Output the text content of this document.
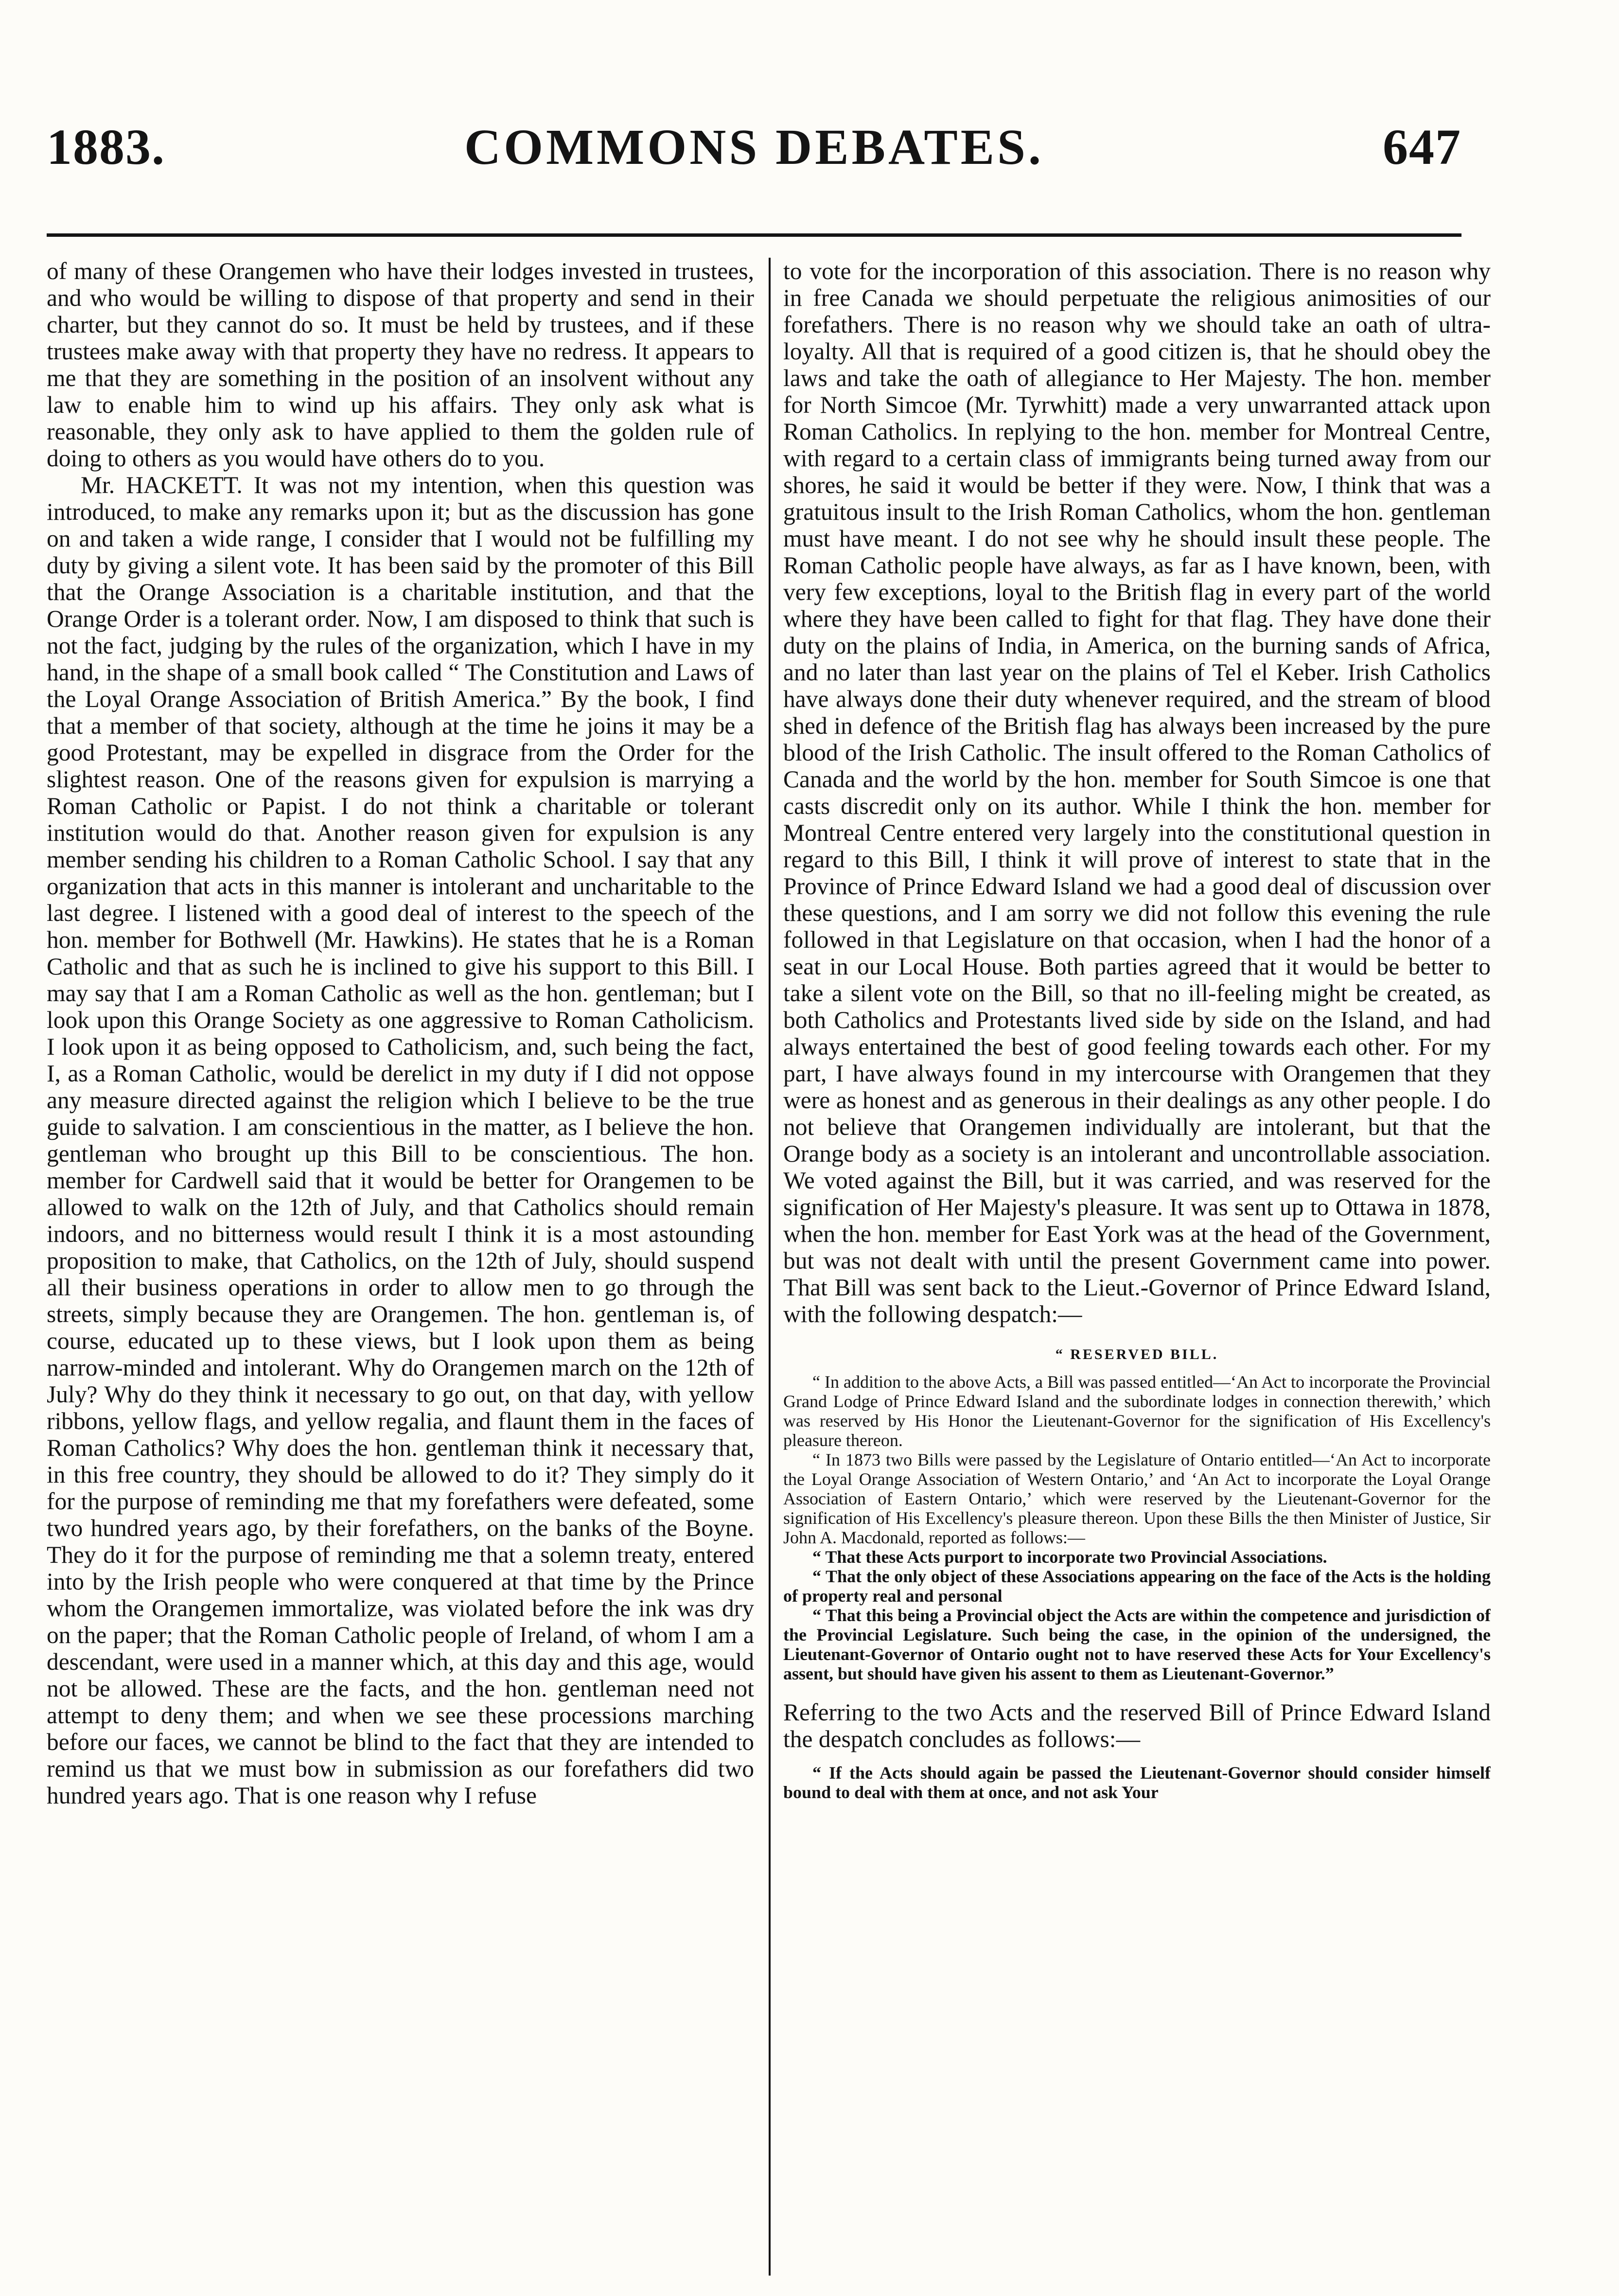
1883.	COMMONS DEBATES.	647

of many of these Orangemen who have their lodges invested in trustees, and who would be willing to dispose of that property and send in their charter, but they cannot do so. It must be held by trustees, and if these trustees make away with that property they have no redress. It appears to me that they are something in the position of an insolvent without any law to enable him to wind up his affairs. They only ask what is reasonable, they only ask to have applied to them the golden rule of doing to others as you would have others do to you.

Mr. HACKETT. It was not my intention, when this question was introduced, to make any remarks upon it; but as the discussion has gone on and taken a wide range, I consider that I would not be fulfilling my duty by giving a silent vote. It has been said by the promoter of this Bill that the Orange Association is a charitable institution, and that the Orange Order is a tolerant order. Now, I am disposed to think that such is not the fact, judging by the rules of the organization, which I have in my hand, in the shape of a small book called “ The Constitution and Laws of the Loyal Orange Association of British America.” By the book, I find that a member of that society, although at the time he joins it may be a good Protestant, may be expelled in disgrace from the Order for the slightest reason. One of the reasons given for expulsion is marrying a Roman Catholic or Papist. I do not think a charitable or tolerant institution would do that. Another reason given for expulsion is any member sending his children to a Roman Catholic School. I say that any organization that acts in this manner is intolerant and uncharitable to the last degree. I listened with a good deal of interest to the speech of the hon. member for Bothwell (Mr. Hawkins). He states that he is a Roman Catholic and that as such he is inclined to give his support to this Bill. I may say that I am a Roman Catholic as well as the hon. gentleman; but I look upon this Orange Society as one aggressive to Roman Catholicism. I look upon it as being opposed to Catholicism, and, such being the fact, I, as a Roman Catholic, would be derelict in my duty if I did not oppose any measure directed against the religion which I believe to be the true guide to salvation. I am conscientious in the matter, as I believe the hon. gentleman who brought up this Bill to be conscientious. The hon. member for Cardwell said that it would be better for Orangemen to be allowed to walk on the 12th of July, and that Catholics should remain indoors, and no bitterness would result I think it is a most astounding proposition to make, that Catholics, on the 12th of July, should suspend all their business operations in order to allow men to go through the streets, simply because they are Orangemen. The hon. gentleman is, of course, educated up to these views, but I look upon them as being narrow-minded and intolerant. Why do Orangemen march on the 12th of July? Why do they think it necessary to go out, on that day, with yellow ribbons, yellow flags, and yellow regalia, and flaunt them in the faces of Roman Catholics? Why does the hon. gentleman think it necessary that, in this free country, they should be allowed to do it? They simply do it for the purpose of reminding me that my forefathers were defeated, some two hundred years ago, by their forefathers, on the banks of the Boyne. They do it for the purpose of reminding me that a solemn treaty, entered into by the Irish people who were conquered at that time by the Prince whom the Orangemen immortalize, was violated before the ink was dry on the paper; that the Roman Catholic people of Ireland, of whom I am a descendant, were used in a manner which, at this day and this age, would not be allowed. These are the facts, and the hon. gentleman need not attempt to deny them; and when we see these processions marching before our faces, we cannot be blind to the fact that they are intended to remind us that we must bow in submission as our forefathers did two hundred years ago. That is one reason why I refuse

to vote for the incorporation of this association. There is no reason why in free Canada we should perpetuate the religious animosities of our forefathers. There is no reason why we should take an oath of ultra-loyalty. All that is required of a good citizen is, that he should obey the laws and take the oath of allegiance to Her Majesty. The hon. member for North Simcoe (Mr. Tyrwhitt) made a very unwarranted attack upon Roman Catholics. In replying to the hon. member for Montreal Centre, with regard to a certain class of immigrants being turned away from our shores, he said it would be better if they were. Now, I think that was a gratuitous insult to the Irish Roman Catholics, whom the hon. gentleman must have meant. I do not see why he should insult these people. The Roman Catholic people have always, as far as I have known, been, with very few exceptions, loyal to the British flag in every part of the world where they have been called to fight for that flag. They have done their duty on the plains of India, in America, on the burning sands of Africa, and no later than last year on the plains of Tel el Keber. Irish Catholics have always done their duty whenever required, and the stream of blood shed in defence of the British flag has always been increased by the pure blood of the Irish Catholic. The insult offered to the Roman Catholics of Canada and the world by the hon. member for South Simcoe is one that casts discredit only on its author. While I think the hon. member for Montreal Centre entered very largely into the constitutional question in regard to this Bill, I think it will prove of interest to state that in the Province of Prince Edward Island we had a good deal of discussion over these questions, and I am sorry we did not follow this evening the rule followed in that Legislature on that occasion, when I had the honor of a seat in our Local House. Both parties agreed that it would be better to take a silent vote on the Bill, so that no ill-feeling might be created, as both Catholics and Protestants lived side by side on the Island, and had always entertained the best of good feeling towards each other. For my part, I have always found in my intercourse with Orangemen that they were as honest and as generous in their dealings as any other people. I do not believe that Orangemen individually are intolerant, but that the Orange body as a society is an intolerant and uncontrollable association. We voted against the Bill, but it was carried, and was reserved for the signification of Her Majesty's pleasure. It was sent up to Ottawa in 1878, when the hon. member for East York was at the head of the Government, but was not dealt with until the present Government came into power. That Bill was sent back to the Lieut.-Governor of Prince Edward Island, with the following despatch:—

“ RESERVED BILL.

“ In addition to the above Acts, a Bill was passed entitled—‘An Act to incorporate the Provincial Grand Lodge of Prince Edward Island and the subordinate lodges in connection therewith,’ which was reserved by His Honor the Lieutenant-Governor for the signification of His Excellency's pleasure thereon.

“ In 1873 two Bills were passed by the Legislature of Ontario entitled—‘An Act to incorporate the Loyal Orange Association of Western Ontario,’ and ‘An Act to incorporate the Loyal Orange Association of Eastern Ontario,’ which were reserved by the Lieutenant-Governor for the signification of His Excellency's pleasure thereon. Upon these Bills the then Minister of Justice, Sir John A. Macdonald, reported as follows:—

“ That these Acts purport to incorporate two Provincial Associations.

“ That the only object of these Associations appearing on the face of the Acts is the holding of property real and personal

“ That this being a Provincial object the Acts are within the competence and jurisdiction of the Provincial Legislature. Such being the case, in the opinion of the undersigned, the Lieutenant-Governor of Ontario ought not to have reserved these Acts for Your Excellency's assent, but should have given his assent to them as Lieutenant-Governor.”

Referring to the two Acts and the reserved Bill of Prince Edward Island the despatch concludes as follows:—

“ If the Acts should again be passed the Lieutenant-Governor should consider himself bound to deal with them at once, and not ask Your
